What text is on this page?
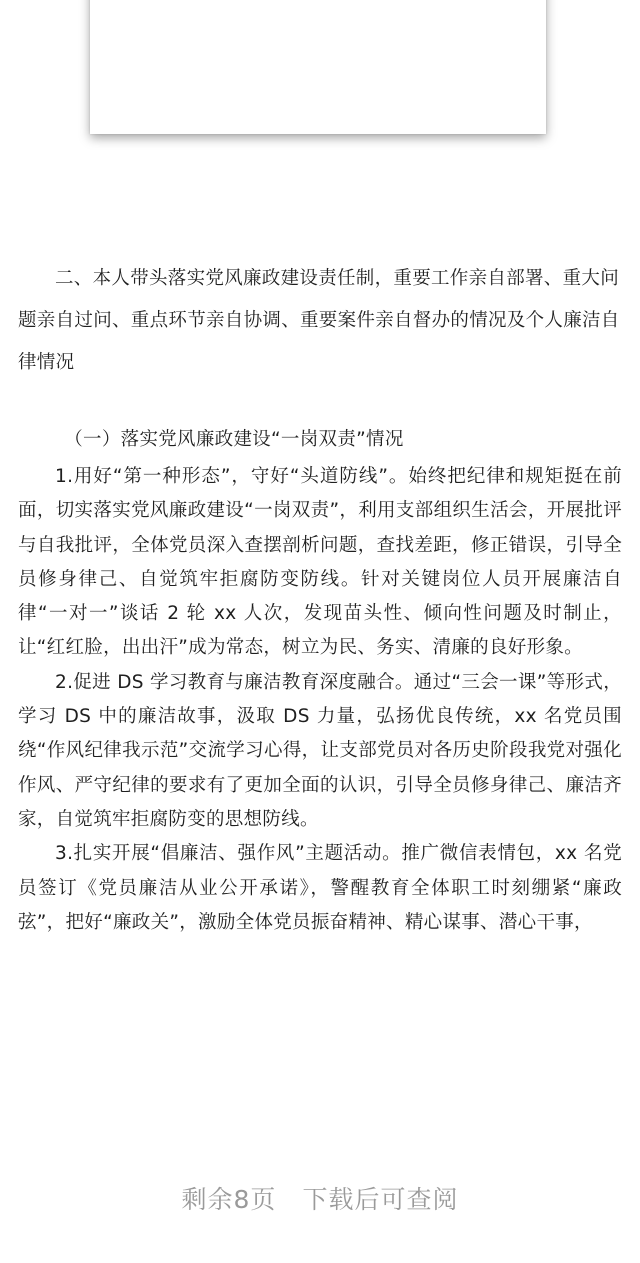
二、本人带头落实党风廉政建设责任制，重要工作亲自部署、重大问题亲自过问、重点环节亲自协调、重要案件亲自督办的情况及个人廉洁自律情况

（一）落实党风廉政建设“一岗双责”情况

1.用好“第一种形态”，守好“头道防线”。始终把纪律和规矩挺在前面，切实落实党风廉政建设“一岗双责”，利用支部组织生活会，开展批评与自我批评，全体党员深入查摆剖析问题，查找差距，修正错误，引导全员修身律己、自觉筑牢拒腐防变防线。针对关键岗位人员开展廉洁自律“一对一”谈话 2 轮 xx 人次，发现苗头性、倾向性问题及时制止，让“红红脸，出出汗”成为常态，树立为民、务实、清廉的良好形象。

2.促进 DS 学习教育与廉洁教育深度融合。通过“三会一课”等形式，学习 DS 中的廉洁故事，汲取 DS 力量，弘扬优良传统，xx 名党员围绕“作风纪律我示范”交流学习心得，让支部党员对各历史阶段我党对强化作风、严守纪律的要求有了更加全面的认识，引导全员修身律己、廉洁齐家，自觉筑牢拒腐防变的思想防线。

3.扎实开展“倡廉洁、强作风”主题活动。推广微信表情包，xx 名党员签订《党员廉洁从业公开承诺》，警醒教育全体职工时刻绷紧“廉政弦”，把好“廉政关”，激励全体党员振奋精神、精心谋事、潜心干事，

剩余8页 下载后可查阅
